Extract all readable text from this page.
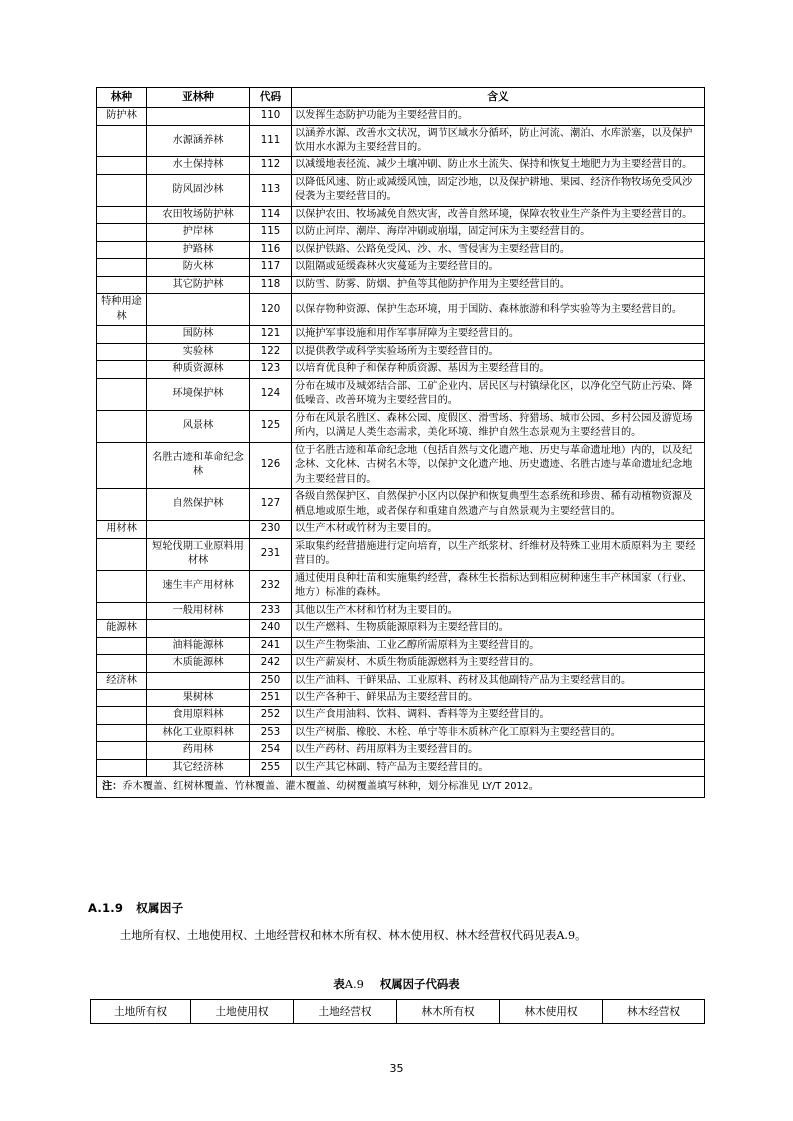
林种	亚林种	代码	含义
防护林		110	以发挥生态防护功能为主要经营目的。
	水源涵养林	111	以涵养水源、改善水文状况，调节区域水分循环，防止河流、潮泊、水库淤塞，以及保护饮用水水源为主要经营目的。
	水土保持林	112	以减缓地表径流、减少土壤冲刷、防止水土流失、保持和恢复土地肥力为主要经营目的。
	防风固沙林	113	以降低风速、防止或减缓风蚀，固定沙地，以及保护耕地、果园、经济作物牧场免受风沙侵袭为主要经营目的。
	农田牧场防护林	114	以保护农田、牧场减免自然灾害，改善自然环境，保障农牧业生产条件为主要经营目的。
	护岸林	115	以防止河岸、潮岸、海岸冲刷或崩塌，固定河床为主要经营目的。
	护路林	116	以保护铁路、公路免受风、沙、水、雪侵害为主要经营目的。
	防火林	117	以阻隔或延缓森林火灾蔓延为主要经营目的。
	其它防护林	118	以防雪、防雾、防烟、护鱼等其他防护作用为主要经营目的。
特种用途林		120	以保存物种资源、保护生态环境，用于国防、森林旅游和科学实验等为主要经营目的。
	国防林	121	以掩护军事设施和用作军事屏障为主要经营目的。
	实验林	122	以提供教学或科学实验场所为主要经营目的。
	种质资源林	123	以培育优良种子和保存种质资源、基因为主要经营目的。
	环境保护林	124	分布在城市及城郊结合部、工矿企业内、居民区与村镇绿化区，以净化空气防止污染、降低噪音、改善环境为主要经营目的。
	风景林	125	分布在风景名胜区、森林公园、度假区、滑雪场、狩猎场、城市公园、乡村公园及游览场所内，以满足人类生态需求，美化环境、维护自然生态景观为主要经营目的。
	名胜古迹和革命纪念林	126	位于名胜古迹和革命纪念地（包括自然与文化遗产地、历史与革命遗址地）内的，以及纪念林、文化林、古树名木等，以保护文化遗产地、历史遗迹、名胜古迹与革命遗址纪念地为主要经营目的。
	自然保护林	127	各级自然保护区、自然保护小区内以保护和恢复典型生态系统和珍贵、稀有动植物资源及栖息地或原生地，或者保存和重建自然遗产与自然景观为主要经营目的。
用材林		230	以生产木材或竹材为主要目的。
	短轮伐期工业原料用材林	231	采取集约经营措施进行定向培育，以生产纸浆材、纤维材及特殊工业用木质原料为主 要经营目的。
	速生丰产用材林	232	通过使用良种壮苗和实施集约经营，森林生长指标达到相应树种速生丰产林国家（行业、地方）标准的森林。
	一般用材林	233	其他以生产木材和竹材为主要目的。
能源林		240	以生产燃料、生物质能源原料为主要经营目的。
	油料能源林	241	以生产生物柴油、工业乙醇所需原料为主要经营目的。
	木质能源林	242	以生产薪炭材、木质生物质能源燃料为主要经营目的。
经济林		250	以生产油料、干鲜果品、工业原料、药材及其他副特产品为主要经营目的。
	果树林	251	以生产各种干、鲜果品为主要经营目的。
	食用原料林	252	以生产食用油料、饮料、调料、香料等为主要经营目的。
	林化工业原料林	253	以生产树脂、橡胶、木栓、单宁等非木质林产化工原料为主要经营目的。
	药用林	254	以生产药材、药用原料为主要经营目的。
	其它经济林	255	以生产其它林副、特产品为主要经营目的。
注：乔木覆盖、红树林覆盖、竹林覆盖、灌木覆盖、幼树覆盖填写林种，划分标准见 LY/T 2012。			
A.1.9 权属因子
土地所有权、土地使用权、土地经营权和林木所有权、林木使用权、林木经营权代码见表A.9。
表A.9 权属因子代码表
土地所有权	土地使用权	土地经营权	林木所有权	林木使用权	林木经营权
35
